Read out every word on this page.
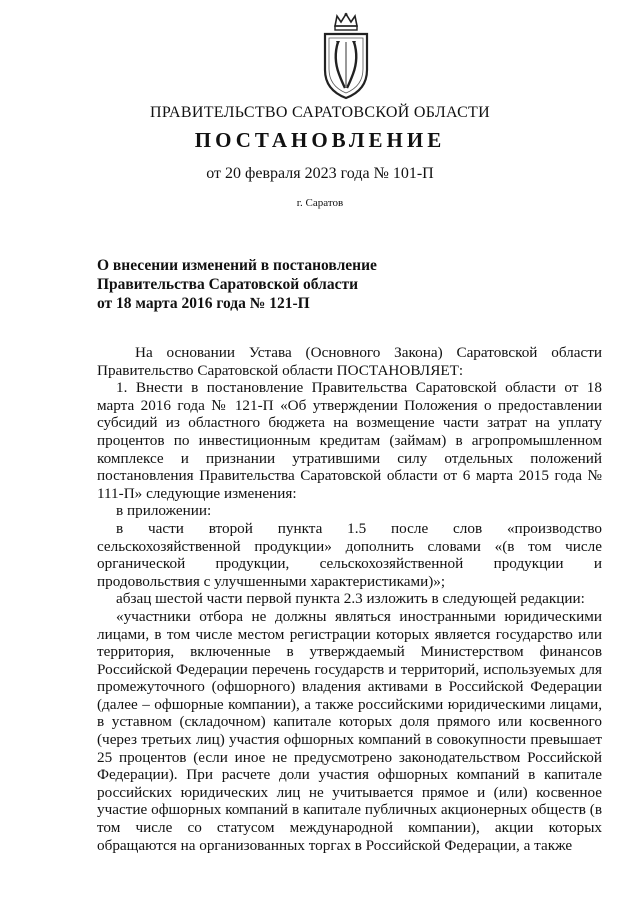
ПРАВИТЕЛЬСТВО САРАТОВСКОЙ ОБЛАСТИ
ПОСТАНОВЛЕНИЕ
от 20 февраля 2023 года № 101-П
г. Саратов
О внесении изменений в постановление
Правительства Саратовской области
от 18 марта 2016 года № 121-П

На основании Устава (Основного Закона) Саратовской области Правительство Саратовской области ПОСТАНОВЛЯЕТ:

1. Внести в постановление Правительства Саратовской области от 18 марта 2016 года № 121-П «Об утверждении Положения о предоставлении субсидий из областного бюджета на возмещение части затрат на уплату процентов по инвестиционным кредитам (займам) в агропромышленном комплексе и признании утратившими силу отдельных положений постановления Правительства Саратовской области от 6 марта 2015 года № 111-П» следующие изменения:

в приложении:

в части второй пункта 1.5 после слов «производство сельскохозяйственной продукции» дополнить словами «(в том числе органической продукции, сельскохозяйственной продукции и продовольствия с улучшенными характеристиками)»;

абзац шестой части первой пункта 2.3 изложить в следующей редакции:

«участники отбора не должны являться иностранными юридическими лицами, в том числе местом регистрации которых является государство или территория, включенные в утверждаемый Министерством финансов Российской Федерации перечень государств и территорий, используемых для промежуточного (офшорного) владения активами в Российской Федерации (далее – офшорные компании), а также российскими юридическими лицами, в уставном (складочном) капитале которых доля прямого или косвенного (через третьих лиц) участия офшорных компаний в совокупности превышает 25 процентов (если иное не предусмотрено законодательством Российской Федерации). При расчете доли участия офшорных компаний в капитале российских юридических лиц не учитывается прямое и (или) косвенное участие офшорных компаний в капитале публичных акционерных обществ (в том числе со статусом международной компании), акции которых обращаются на организованных торгах в Российской Федерации, а также
